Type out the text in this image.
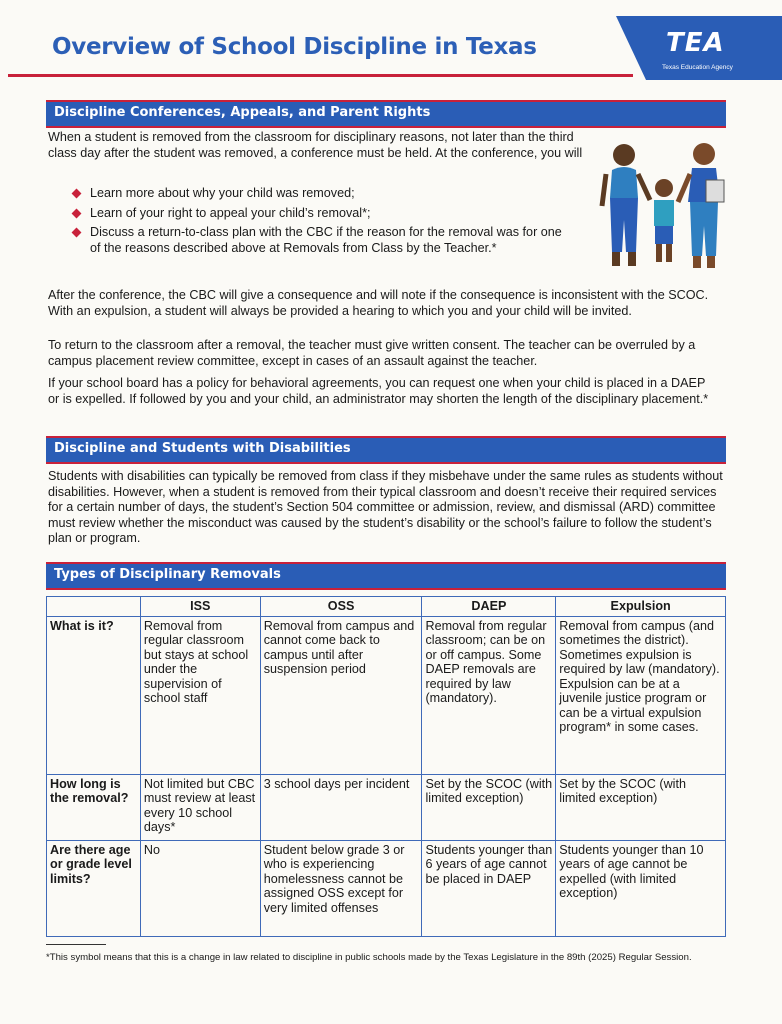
Overview of School Discipline in Texas	TEA
Texas Education Agency
Discipline Conferences, Appeals, and Parent Rights

When a student is removed from the classroom for disciplinary reasons, not later than the third class day after the student was removed, a conference must be held. At the conference, you will

Learn more about why your child was removed;
Learn of your right to appeal your child’s removal*;
Discuss a return-to-class plan with the CBC if the reason for the removal was for one of the reasons described above at Removals from Class by the Teacher.*

After the conference, the CBC will give a consequence and will note if the consequence is inconsistent with the SCOC. With an expulsion, a student will always be provided a hearing to which you and your child will be invited.

To return to the classroom after a removal, the teacher must give written consent. The teacher can be overruled by a campus placement review committee, except in cases of an assault against the teacher.

If your school board has a policy for behavioral agreements, you can request one when your child is placed in a DAEP or is expelled. If followed by you and your child, an administrator may shorten the length of the disciplinary placement.*

Discipline and Students with Disabilities

Students with disabilities can typically be removed from class if they misbehave under the same rules as students without disabilities. However, when a student is removed from their typical classroom and doesn’t receive their required services for a certain number of days, the student’s Section 504 committee or admission, review, and dismissal (ARD) committee must review whether the misconduct was caused by the student’s disability or the school’s failure to follow the student’s plan or program.

Types of Disciplinary Removals
	ISS	OSS	DAEP	Expulsion
What is it?	Removal from regular classroom but stays at school under the supervision of school staff	Removal from campus and cannot come back to campus until after suspension period	Removal from regular classroom; can be on or off campus. Some DAEP removals are required by law (mandatory).	Removal from campus (and sometimes the district). Sometimes expulsion is required by law (mandatory). Expulsion can be at a juvenile justice program or can be a virtual expulsion program* in some cases.
How long is the removal?	Not limited but CBC must review at least every 10 school days*	3 school days per incident	Set by the SCOC (with limited exception)	Set by the SCOC (with limited exception)
Are there age or grade level limits?	No	Student below grade 3 or who is experiencing homelessness cannot be assigned OSS except for very limited offenses	Students younger than 6 years of age cannot be placed in DAEP	Students younger than 10 years of age cannot be expelled (with limited exception)
*This symbol means that this is a change in law related to discipline in public schools made by the Texas Legislature in the 89th (2025) Regular Session.
